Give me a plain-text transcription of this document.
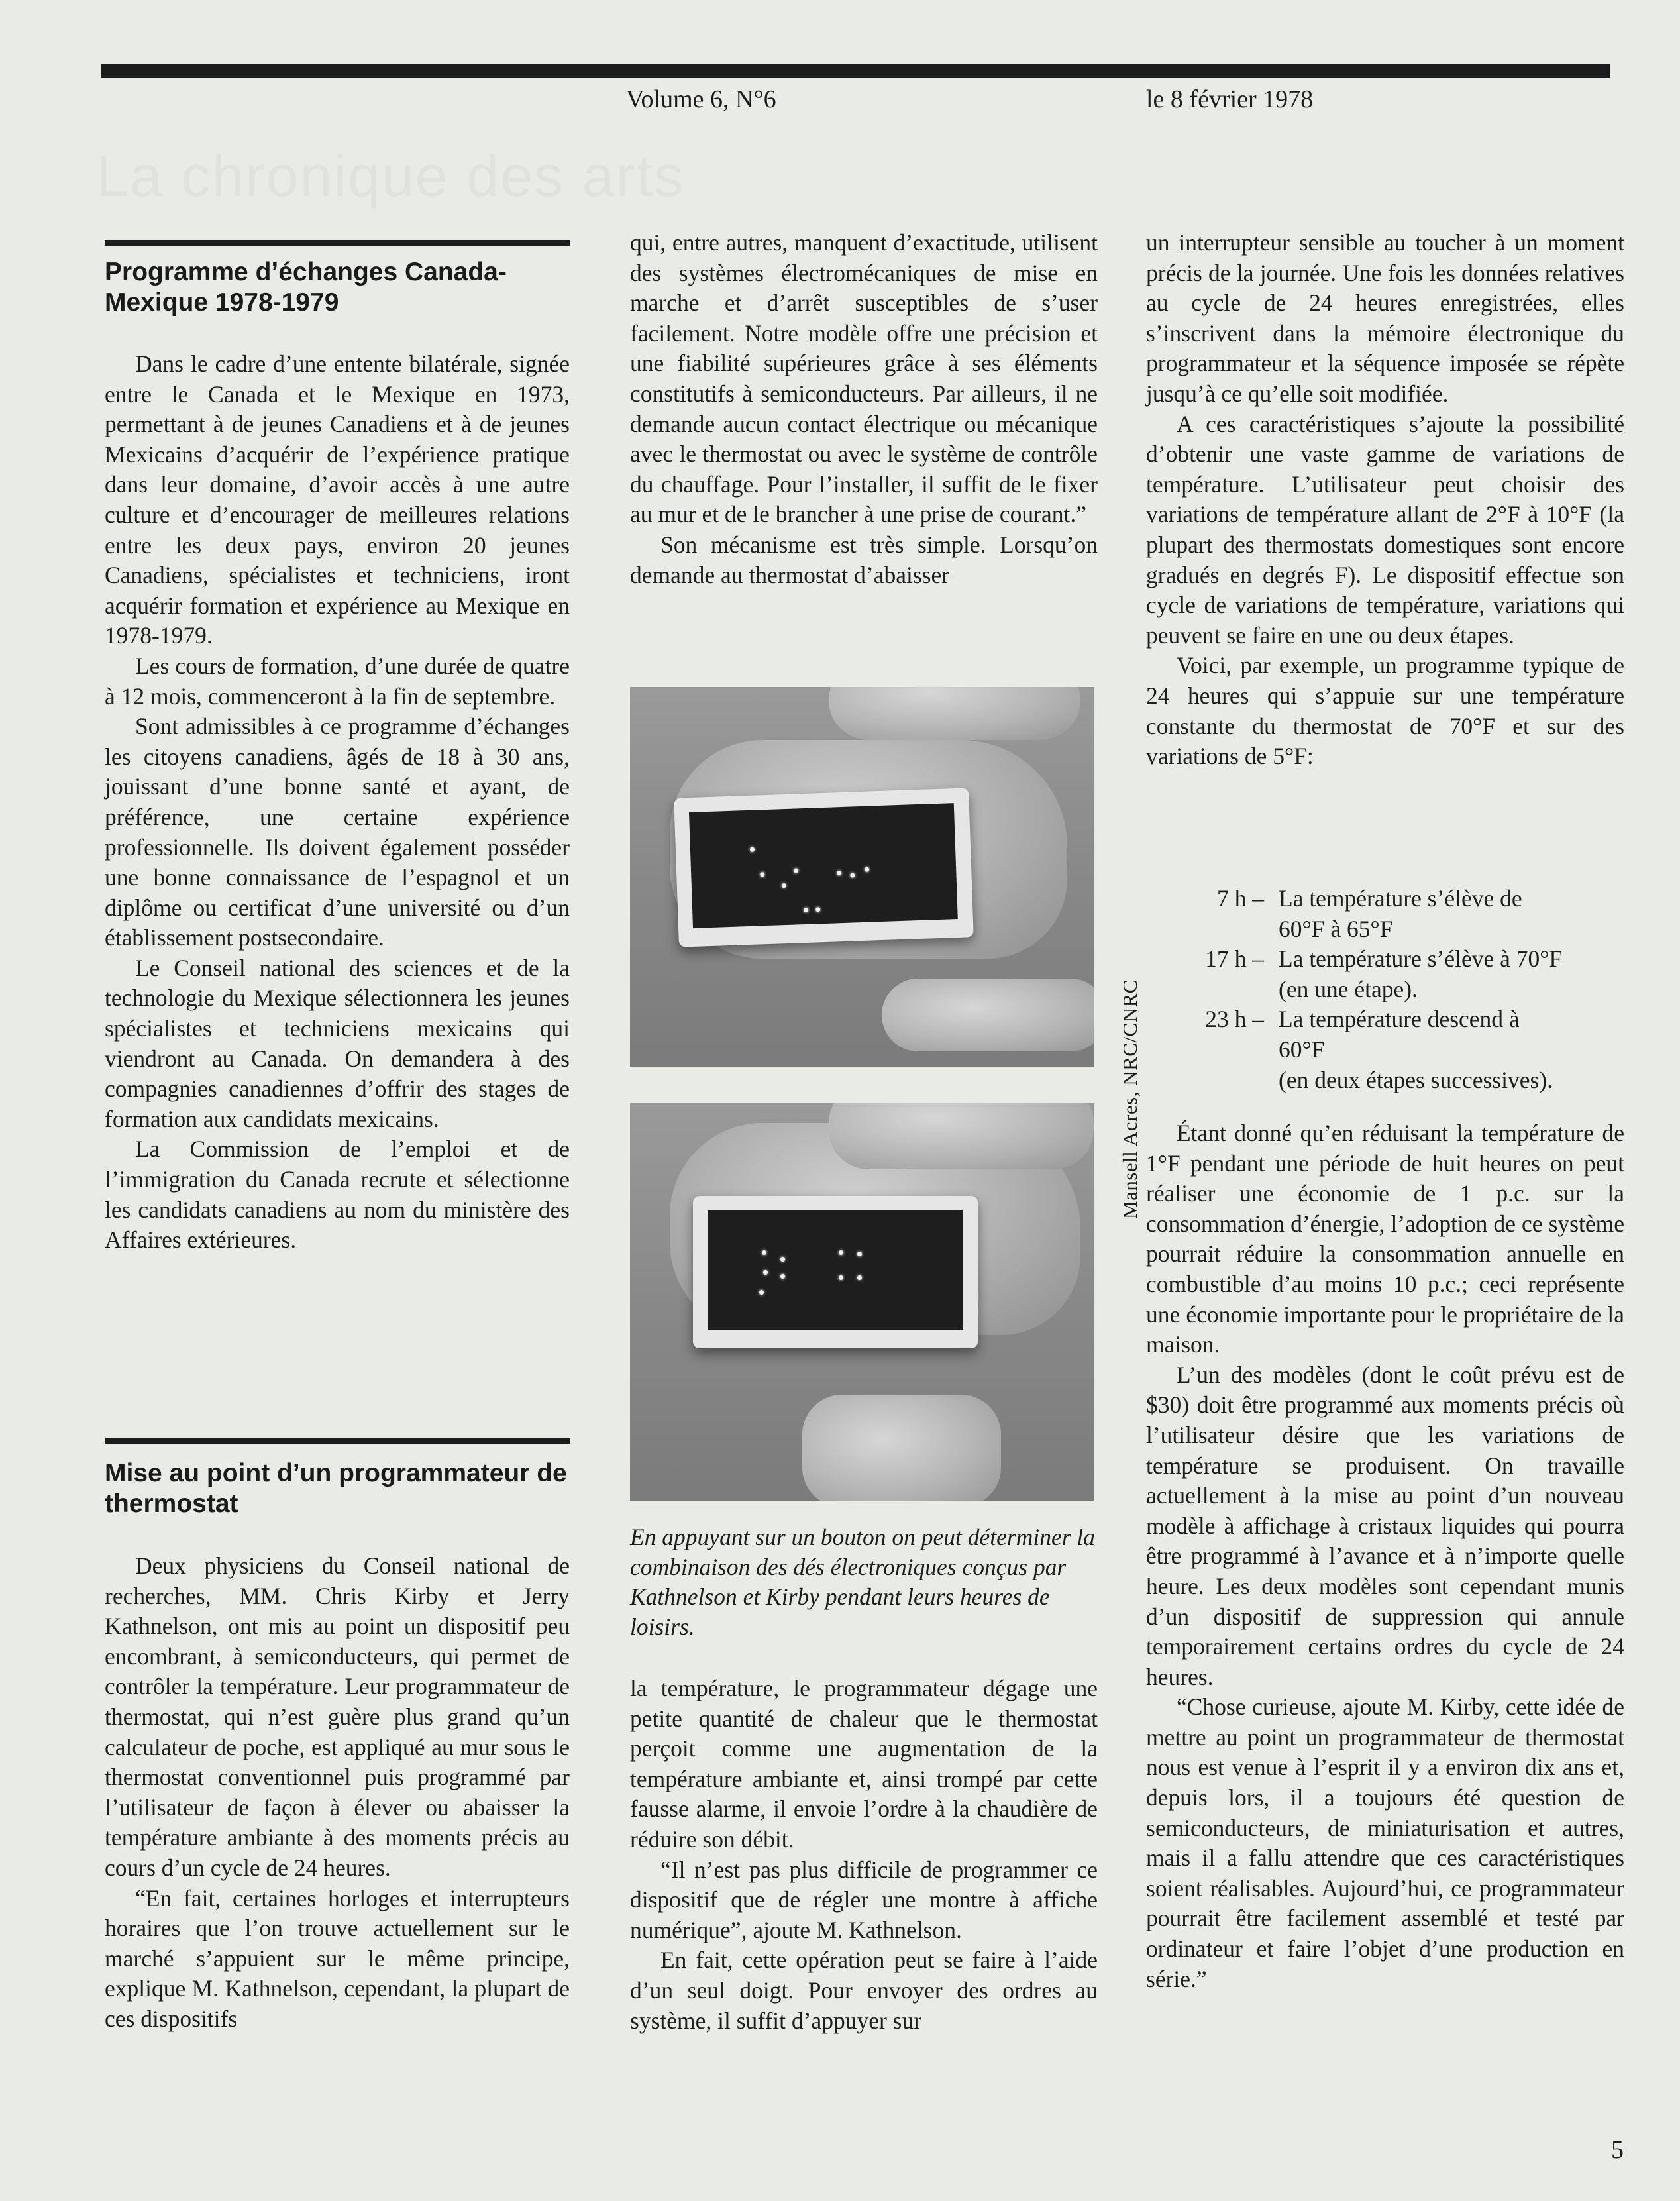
Volume 6, N°6	le 8 février 1978
La chronique des arts
Programme d’échanges Canada-Mexique 1978-1979

Dans le cadre d’une entente bilatérale, signée entre le Canada et le Mexique en 1973, permettant à de jeunes Canadiens et à de jeunes Mexicains d’acquérir de l’expérience pratique dans leur domaine, d’avoir accès à une autre culture et d’encourager de meilleures relations entre les deux pays, environ 20 jeunes Canadiens, spécialistes et techniciens, iront acquérir formation et expérience au Mexique en 1978-1979.

Les cours de formation, d’une durée de quatre à 12 mois, commenceront à la fin de septembre.

Sont admissibles à ce programme d’échanges les citoyens canadiens, âgés de 18 à 30 ans, jouissant d’une bonne santé et ayant, de préférence, une certaine expérience professionnelle. Ils doivent également posséder une bonne connaissance de l’espagnol et un diplôme ou certificat d’une université ou d’un établissement postsecondaire.

Le Conseil national des sciences et de la technologie du Mexique sélectionnera les jeunes spécialistes et techniciens mexicains qui viendront au Canada. On demandera à des compagnies canadiennes d’offrir des stages de formation aux candidats mexicains.

La Commission de l’emploi et de l’immigration du Canada recrute et sélectionne les candidats canadiens au nom du ministère des Affaires extérieures.

Mise au point d’un programmateur de thermostat

Deux physiciens du Conseil national de recherches, MM. Chris Kirby et Jerry Kathnelson, ont mis au point un dispositif peu encombrant, à semiconducteurs, qui permet de contrôler la température. Leur programmateur de thermostat, qui n’est guère plus grand qu’un calculateur de poche, est appliqué au mur sous le thermostat conventionnel puis programmé par l’utilisateur de façon à élever ou abaisser la température ambiante à des moments précis au cours d’un cycle de 24 heures.

“En fait, certaines horloges et interrupteurs horaires que l’on trouve actuellement sur le marché s’appuient sur le même principe, explique M. Kathnelson, cependant, la plupart de ces dispositifs

qui, entre autres, manquent d’exactitude, utilisent des systèmes électromécaniques de mise en marche et d’arrêt susceptibles de s’user facilement. Notre modèle offre une précision et une fiabilité supérieures grâce à ses éléments constitutifs à semiconducteurs. Par ailleurs, il ne demande aucun contact électrique ou mécanique avec le thermostat ou avec le système de contrôle du chauffage. Pour l’installer, il suffit de le fixer au mur et de le brancher à une prise de courant.”

Son mécanisme est très simple. Lorsqu’on demande au thermostat d’abaisser

Mansell Acres, NRC/CNRC

En appuyant sur un bouton on peut déterminer la combinaison des dés électroniques conçus par Kathnelson et Kirby pendant leurs heures de loisirs.

la température, le programmateur dégage une petite quantité de chaleur que le thermostat perçoit comme une augmentation de la température ambiante et, ainsi trompé par cette fausse alarme, il envoie l’ordre à la chaudière de réduire son débit.

“Il n’est pas plus difficile de programmer ce dispositif que de régler une montre à affiche numérique”, ajoute M. Kathnelson.

En fait, cette opération peut se faire à l’aide d’un seul doigt. Pour envoyer des ordres au système, il suffit d’appuyer sur

un interrupteur sensible au toucher à un moment précis de la journée. Une fois les données relatives au cycle de 24 heures enregistrées, elles s’inscrivent dans la mémoire électronique du programmateur et la séquence imposée se répète jusqu’à ce qu’elle soit modifiée.

A ces caractéristiques s’ajoute la possibilité d’obtenir une vaste gamme de variations de température. L’utilisateur peut choisir des variations de température allant de 2°F à 10°F (la plupart des thermostats domestiques sont encore gradués en degrés F). Le dispositif effectue son cycle de variations de température, variations qui peuvent se faire en une ou deux étapes.

Voici, par exemple, un programme typique de 24 heures qui s’appuie sur une température constante du thermostat de 70°F et sur des variations de 5°F:

7 h – La température s’élève de
60°F à 65°F
17 h – La température s’élève à 70°F
(en une étape).
23 h – La température descend à
60°F
(en deux étapes successives).

Étant donné qu’en réduisant la température de 1°F pendant une période de huit heures on peut réaliser une économie de 1 p.c. sur la consommation d’énergie, l’adoption de ce système pourrait réduire la consommation annuelle en combustible d’au moins 10 p.c.; ceci représente une économie importante pour le propriétaire de la maison.

L’un des modèles (dont le coût prévu est de $30) doit être programmé aux moments précis où l’utilisateur désire que les variations de température se produisent. On travaille actuellement à la mise au point d’un nouveau modèle à affichage à cristaux liquides qui pourra être programmé à l’avance et à n’importe quelle heure. Les deux modèles sont cependant munis d’un dispositif de suppression qui annule temporairement certains ordres du cycle de 24 heures.

“Chose curieuse, ajoute M. Kirby, cette idée de mettre au point un programmateur de thermostat nous est venue à l’esprit il y a environ dix ans et, depuis lors, il a toujours été question de semiconducteurs, de miniaturisation et autres, mais il a fallu attendre que ces caractéristiques soient réalisables. Aujourd’hui, ce programmateur pourrait être facilement assemblé et testé par ordinateur et faire l’objet d’une production en série.”

5
